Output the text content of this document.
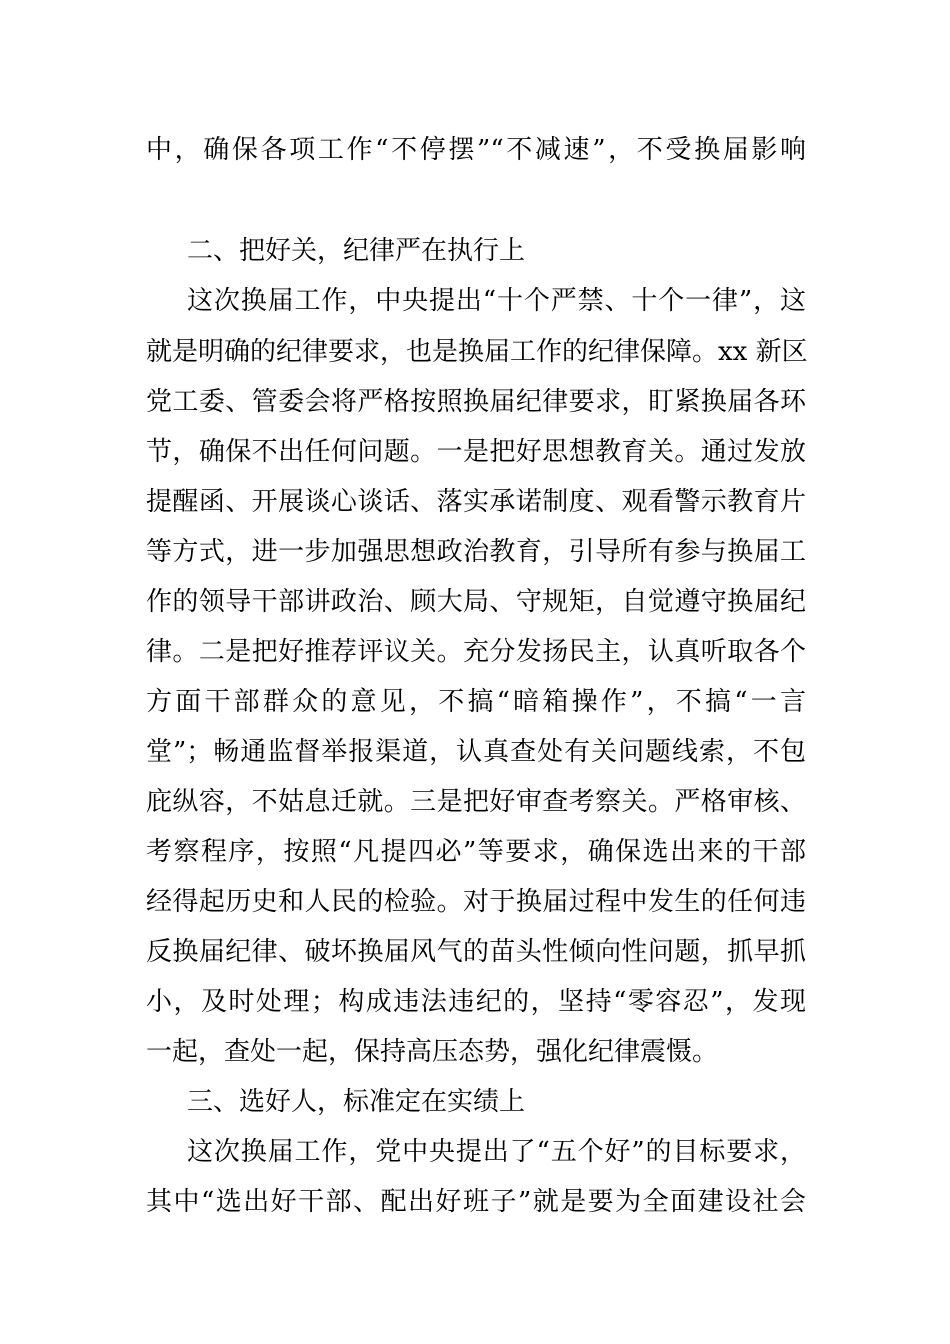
中，确保各项工作“不停摆”“不减速”，不受换届影响
二、把好关，纪律严在执行上
这次换届工作，中央提出“十个严禁、十个一律”，这
就是明确的纪律要求，也是换届工作的纪律保障。xx 新区
党工委、管委会将严格按照换届纪律要求，盯紧换届各环
节，确保不出任何问题。一是把好思想教育关。通过发放
提醒函、开展谈心谈话、落实承诺制度、观看警示教育片
等方式，进一步加强思想政治教育，引导所有参与换届工
作的领导干部讲政治、顾大局、守规矩，自觉遵守换届纪
律。二是把好推荐评议关。充分发扬民主，认真听取各个
方面干部群众的意见，不搞“暗箱操作”，不搞“一言
堂”；畅通监督举报渠道，认真查处有关问题线索，不包
庇纵容，不姑息迁就。三是把好审查考察关。严格审核、
考察程序，按照“凡提四必”等要求，确保选出来的干部
经得起历史和人民的检验。对于换届过程中发生的任何违
反换届纪律、破坏换届风气的苗头性倾向性问题，抓早抓
小，及时处理；构成违法违纪的，坚持“零容忍”，发现
一起，查处一起，保持高压态势，强化纪律震慑。
三、选好人，标准定在实绩上
这次换届工作，党中央提出了“五个好”的目标要求，
其中“选出好干部、配出好班子”就是要为全面建设社会
